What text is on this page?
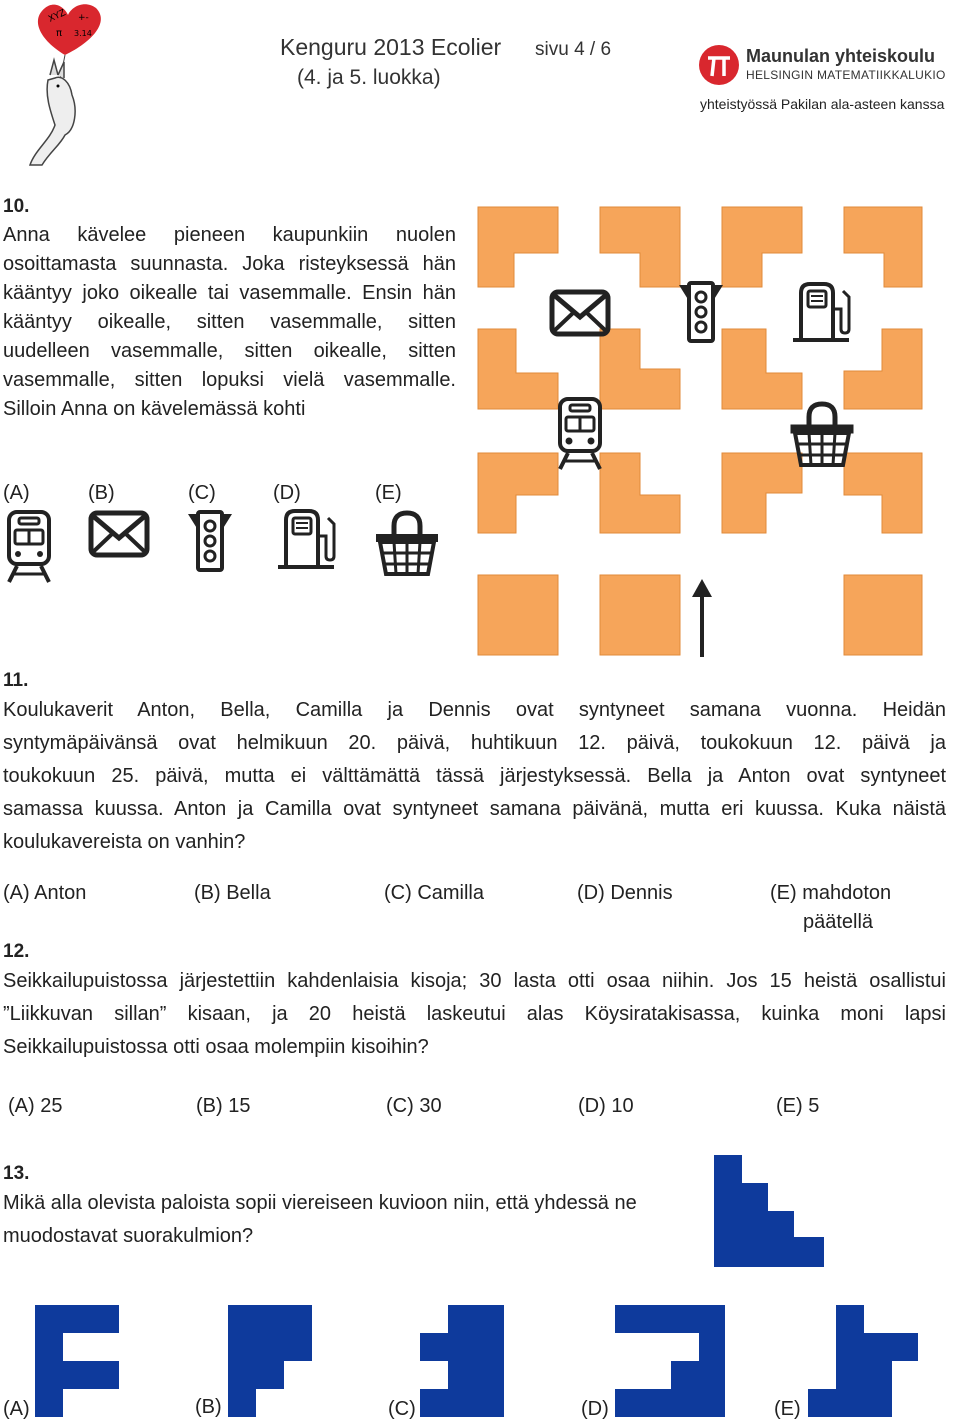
XYZ +-
π 3.14
Kenguru 2013 Ecolier sivu 4 / 6
(4. ja 5. luokka)
Maunulan yhteiskoulu
HELSINGIN MATEMATIIKKALUKIO
yhteistyössä Pakilan ala-asteen kanssa
10.
Anna kävelee pieneen kaupunkiin nuolen
osoittamasta suunnasta. Joka risteyksessä hän
kääntyy joko oikealle tai vasemmalle. Ensin hän
kääntyy oikealle, sitten vasemmalle, sitten
uudelleen vasemmalle, sitten oikealle, sitten
vasemmalle, sitten lopuksi vielä vasemmalle.
Silloin Anna on kävelemässä kohti
(A)	(B)	(C)	(D)	(E)
11.
Koulukaverit Anton, Bella, Camilla ja Dennis ovat syntyneet samana vuonna. Heidän
syntymäpäivänsä ovat helmikuun 20. päivä, huhtikuun 12. päivä, toukokuun 12. päivä ja
toukokuun 25. päivä, mutta ei välttämättä tässä järjestyksessä. Bella ja Anton ovat syntyneet
samassa kuussa. Anton ja Camilla ovat syntyneet samana päivänä, mutta eri kuussa. Kuka näistä
koulukavereista on vanhin?
(A) Anton	(B) Bella	(C) Camilla	(D) Dennis	(E) mahdoton
päätellä
12.
Seikkailupuistossa järjestettiin kahdenlaisia kisoja; 30 lasta otti osaa niihin. Jos 15 heistä osallistui
”Liikkuvan sillan” kisaan, ja 20 heistä laskeutui alas Köysiratakisassa, kuinka moni lapsi
Seikkailupuistossa otti osaa molempiin kisoihin?
(A) 25	(B) 15	(C) 30	(D) 10	(E) 5
13.
Mikä alla olevista paloista sopii viereiseen kuvioon niin, että yhdessä ne
muodostavat suorakulmion?
(A)	(B)	(C)	(D)	(E)
